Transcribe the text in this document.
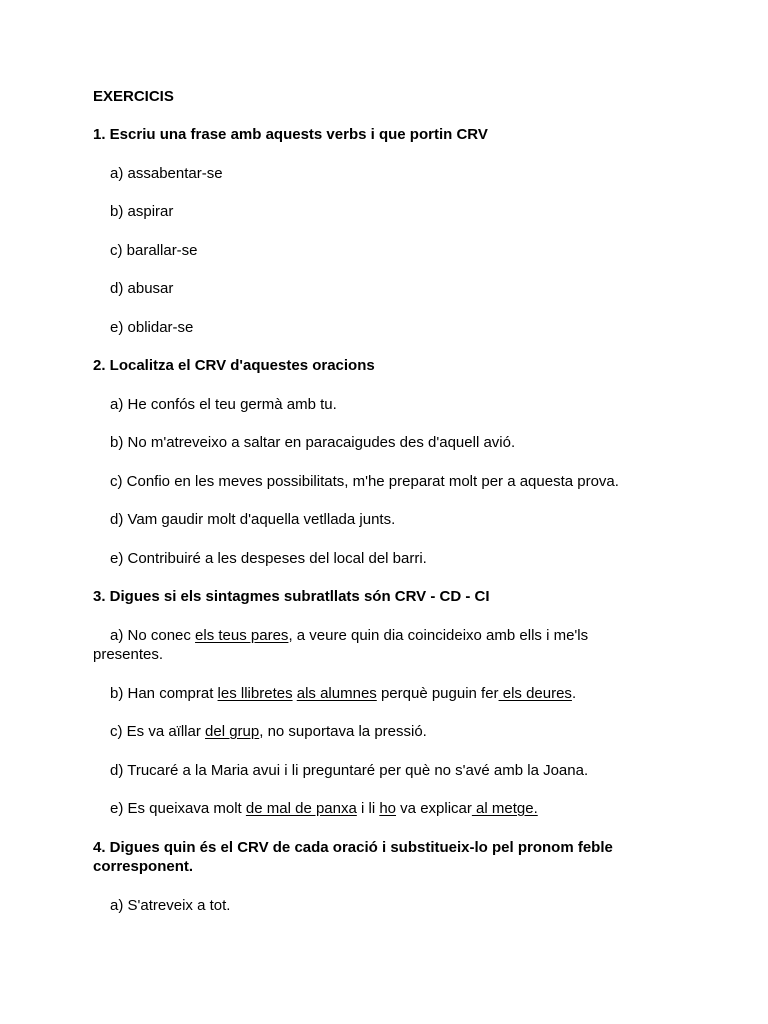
EXERCICIS
1. Escriu una frase amb aquests verbs i que portin CRV
a) assabentar-se
b) aspirar
c) barallar-se
d) abusar
e) oblidar-se
2. Localitza el CRV d'aquestes oracions
a) He confós el teu germà amb tu.
b) No m'atreveixo a saltar en paracaigudes des d'aquell avió.
c) Confio en les meves possibilitats, m'he preparat molt per a aquesta prova.
d) Vam gaudir molt d'aquella vetllada junts.
e) Contribuiré a les despeses del local del barri.
3. Digues si els sintagmes subratllats són CRV - CD - CI
a) No conec els teus pares, a veure quin dia coincideixo amb ells i me'ls presentes.
b) Han comprat les llibretes als alumnes perquè puguin fer els deures.
c) Es va aïllar del grup, no suportava la pressió.
d) Trucaré a la Maria avui i li preguntaré per què no s'avé amb la Joana.
e) Es queixava molt de mal de panxa i li ho va explicar al metge.
4. Digues quin és el CRV de cada oració i substitueix-lo pel pronom feble corresponent.
a) S'atreveix a tot.
